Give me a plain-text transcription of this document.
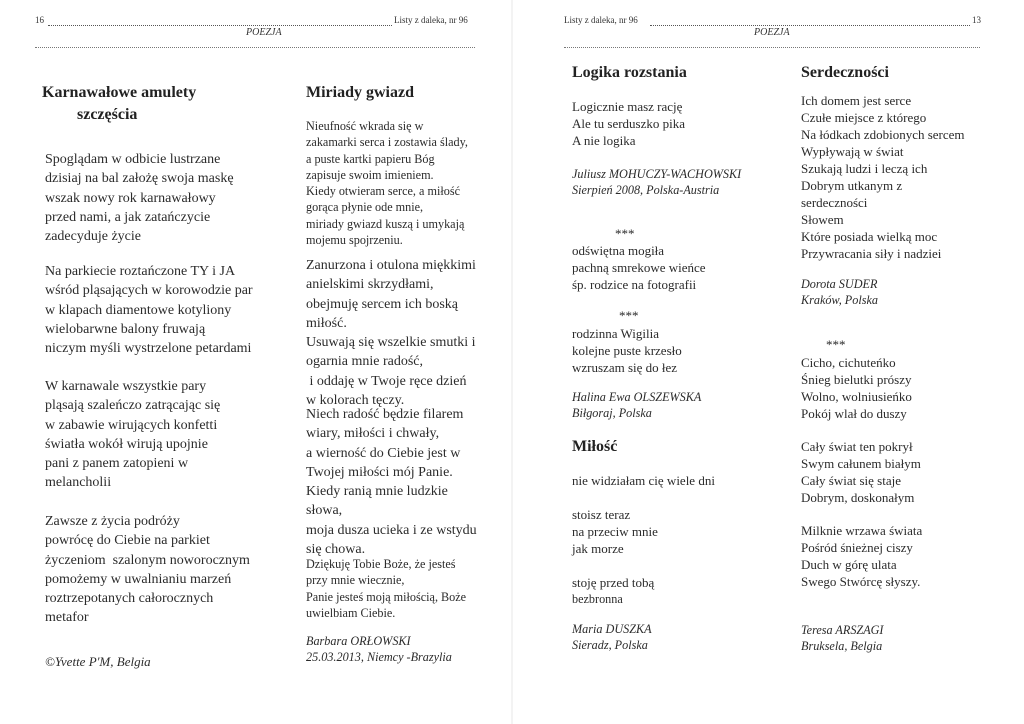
16	Listy z daleka, nr 96
POEZJA
Karnawałowe amulety
szczęścia
Spoglądam w odbicie lustrzane
dzisiaj na bal założę swoja maskę
wszak nowy rok karnawałowy
przed nami, a jak zatańczycie
zadecyduje życie
Na parkiecie roztańczone TY i JA
wśród pląsających w korowodzie par
w klapach diamentowe kotyliony
wielobarwne balony fruwają
niczym myśli wystrzelone petardami
W karnawale wszystkie pary
pląsają szaleńczo zatrącając się
w zabawie wirujących konfetti
światła wokół wirują upojnie
pani z panem zatopieni w
melancholii
Zawsze z życia podróży
powrócę do Ciebie na parkiet
życzeniom  szalonym noworocznym
pomożemy w uwalnianiu marzeń
roztrzepotanych całorocznych
metafor
©Yvette P'M, Belgia
Miriady gwiazd
Nieufność wkrada się w
zakamarki serca i zostawia ślady,
a puste kartki papieru Bóg
zapisuje swoim imieniem.
Kiedy otwieram serce, a miłość
gorąca płynie ode mnie,
miriady gwiazd kuszą i umykają
mojemu spojrzeniu.
Zanurzona i otulona miękkimi
anielskimi skrzydłami,
obejmuję sercem ich boską
miłość.
Usuwają się wszelkie smutki i
ogarnia mnie radość,
i oddaję w Twoje ręce dzień
w kolorach tęczy.
Niech radość będzie filarem
wiary, miłości i chwały,
a wierność do Ciebie jest w
Twojej miłości mój Panie.
Kiedy ranią mnie ludzkie
słowa,
moja dusza ucieka i ze wstydu
się chowa.
Dziękuję Tobie Boże, że jesteś
przy mnie wiecznie,
Panie jesteś moją miłością, Boże
uwielbiam Ciebie.
Barbara ORŁOWSKI
25.03.2013, Niemcy -Brazylia
Listy z daleka, nr 96	13
POEZJA
Logika rozstania
Logicznie masz rację
Ale tu serduszko pika
A nie logika
Juliusz MOHUCZY-WACHOWSKI
Sierpień 2008, Polska-Austria
***
odświętna mogiła
pachną smrekowe wieńce
śp. rodzice na fotografii
***
rodzinna Wigilia
kolejne puste krzesło
wzruszam się do łez
Halina Ewa OLSZEWSKA
Biłgoraj, Polska
Miłość
nie widziałam cię wiele dni
stoisz teraz
na przeciw mnie
jak morze
stoję przed tobą
bezbronna
Maria DUSZKA
Sieradz, Polska
Serdeczności
Ich domem jest serce
Czułe miejsce z którego
Na łódkach zdobionych sercem
Wypływają w świat
Szukają ludzi i leczą ich
Dobrym utkanym z
serdeczności
Słowem
Które posiada wielką moc
Przywracania siły i nadziei
Dorota SUDER
Kraków, Polska
***
Cicho, cichuteńko
Śnieg bielutki prószy
Wolno, wolniusieńko
Pokój wlał do duszy
Cały świat ten pokrył
Swym całunem białym
Cały świat się staje
Dobrym, doskonałym
Milknie wrzawa świata
Pośród śnieżnej ciszy
Duch w górę ulata
Swego Stwórcę słyszy.
Teresa ARSZAGI
Bruksela, Belgia
